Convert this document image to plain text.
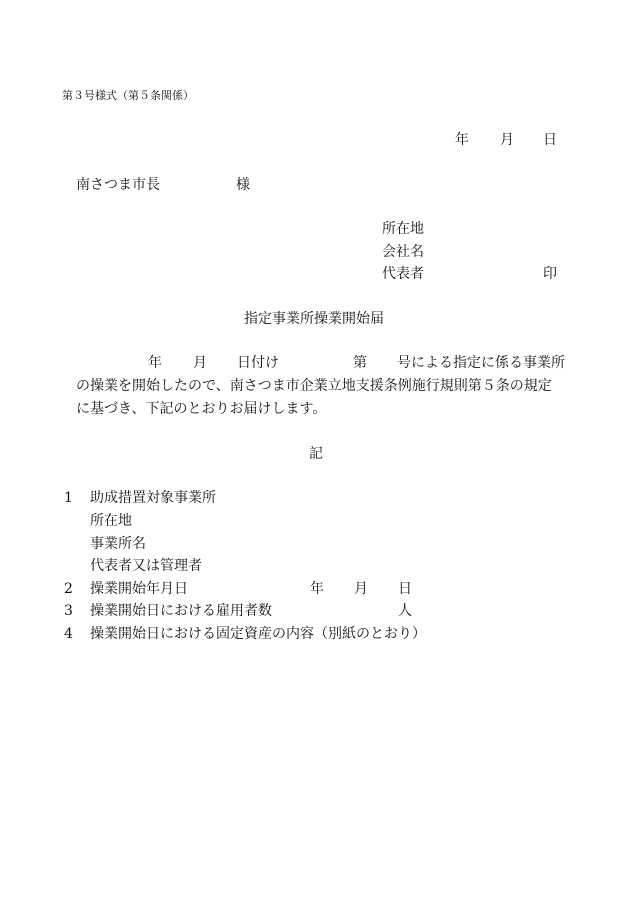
第３号様式（第５条関係）
年 月 日
南さつま市長	様
所在地
会社名
代表者	印
指定事業所操業開始届
年 月 日付け	第 号による指定に係る事業所
の操業を開始したので、南さつま市企業立地支援条例施行規則第５条の規定
に基づき、下記のとおりお届けします。
記
1 助成措置対象事業所
所在地
事業所名
代表者又は管理者
2 操業開始年月日	年 月 日
3 操業開始日における雇用者数	人
4 操業開始日における固定資産の内容（別紙のとおり）
